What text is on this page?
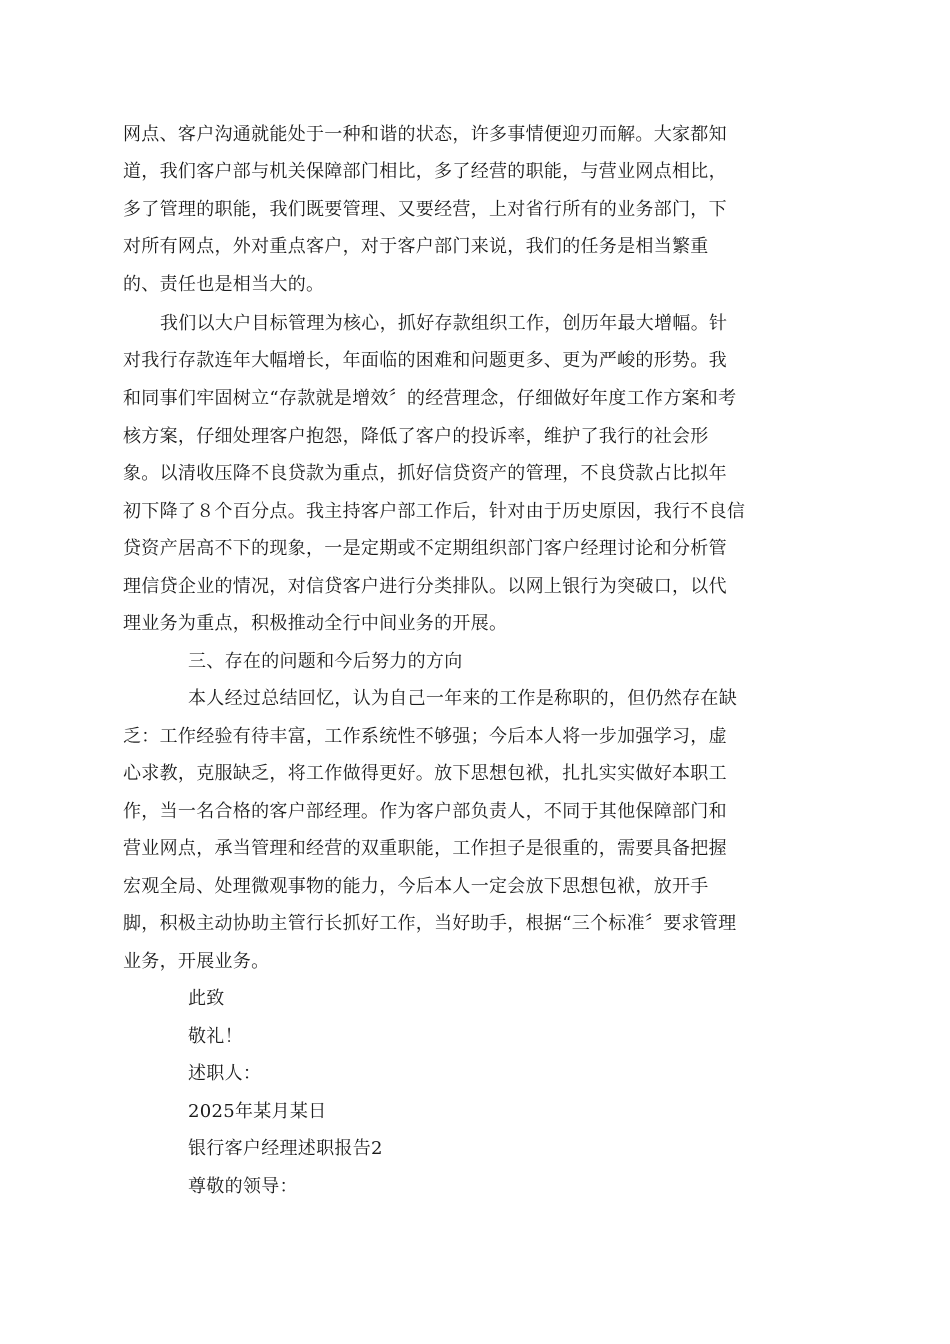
网点、客户沟通就能处于一种和谐的状态，许多事情便迎刃而解。大家都知
道，我们客户部与机关保障部门相比，多了经营的职能，与营业网点相比，
多了管理的职能，我们既要管理、又要经营，上对省行所有的业务部门，下
对所有网点，外对重点客户，对于客户部门来说，我们的任务是相当繁重
的、责任也是相当大的。
我们以大户目标管理为核心，抓好存款组织工作，创历年最大增幅。针
对我行存款连年大幅增长，年面临的困难和问题更多、更为严峻的形势。我
和同事们牢固树立“存款就是增效〞的经营理念，仔细做好年度工作方案和考
核方案，仔细处理客户抱怨，降低了客户的投诉率，维护了我行的社会形
象。以清收压降不良贷款为重点，抓好信贷资产的管理，不良贷款占比拟年
初下降了８个百分点。我主持客户部工作后，针对由于历史原因，我行不良信
贷资产居高不下的现象，一是定期或不定期组织部门客户经理讨论和分析管
理信贷企业的情况，对信贷客户进行分类排队。以网上银行为突破口，以代
理业务为重点，积极推动全行中间业务的开展。
三、存在的问题和今后努力的方向
本人经过总结回忆，认为自己一年来的工作是称职的，但仍然存在缺
乏：工作经验有待丰富，工作系统性不够强；今后本人将一步加强学习，虚
心求教，克服缺乏，将工作做得更好。放下思想包袱，扎扎实实做好本职工
作，当一名合格的客户部经理。作为客户部负责人，不同于其他保障部门和
营业网点，承当管理和经营的双重职能，工作担子是很重的，需要具备把握
宏观全局、处理微观事物的能力，今后本人一定会放下思想包袱，放开手
脚，积极主动协助主管行长抓好工作，当好助手，根据“三个标准〞要求管理
业务，开展业务。
此致
敬礼！
述职人：
2025年某月某日
银行客户经理述职报告2
尊敬的领导：
